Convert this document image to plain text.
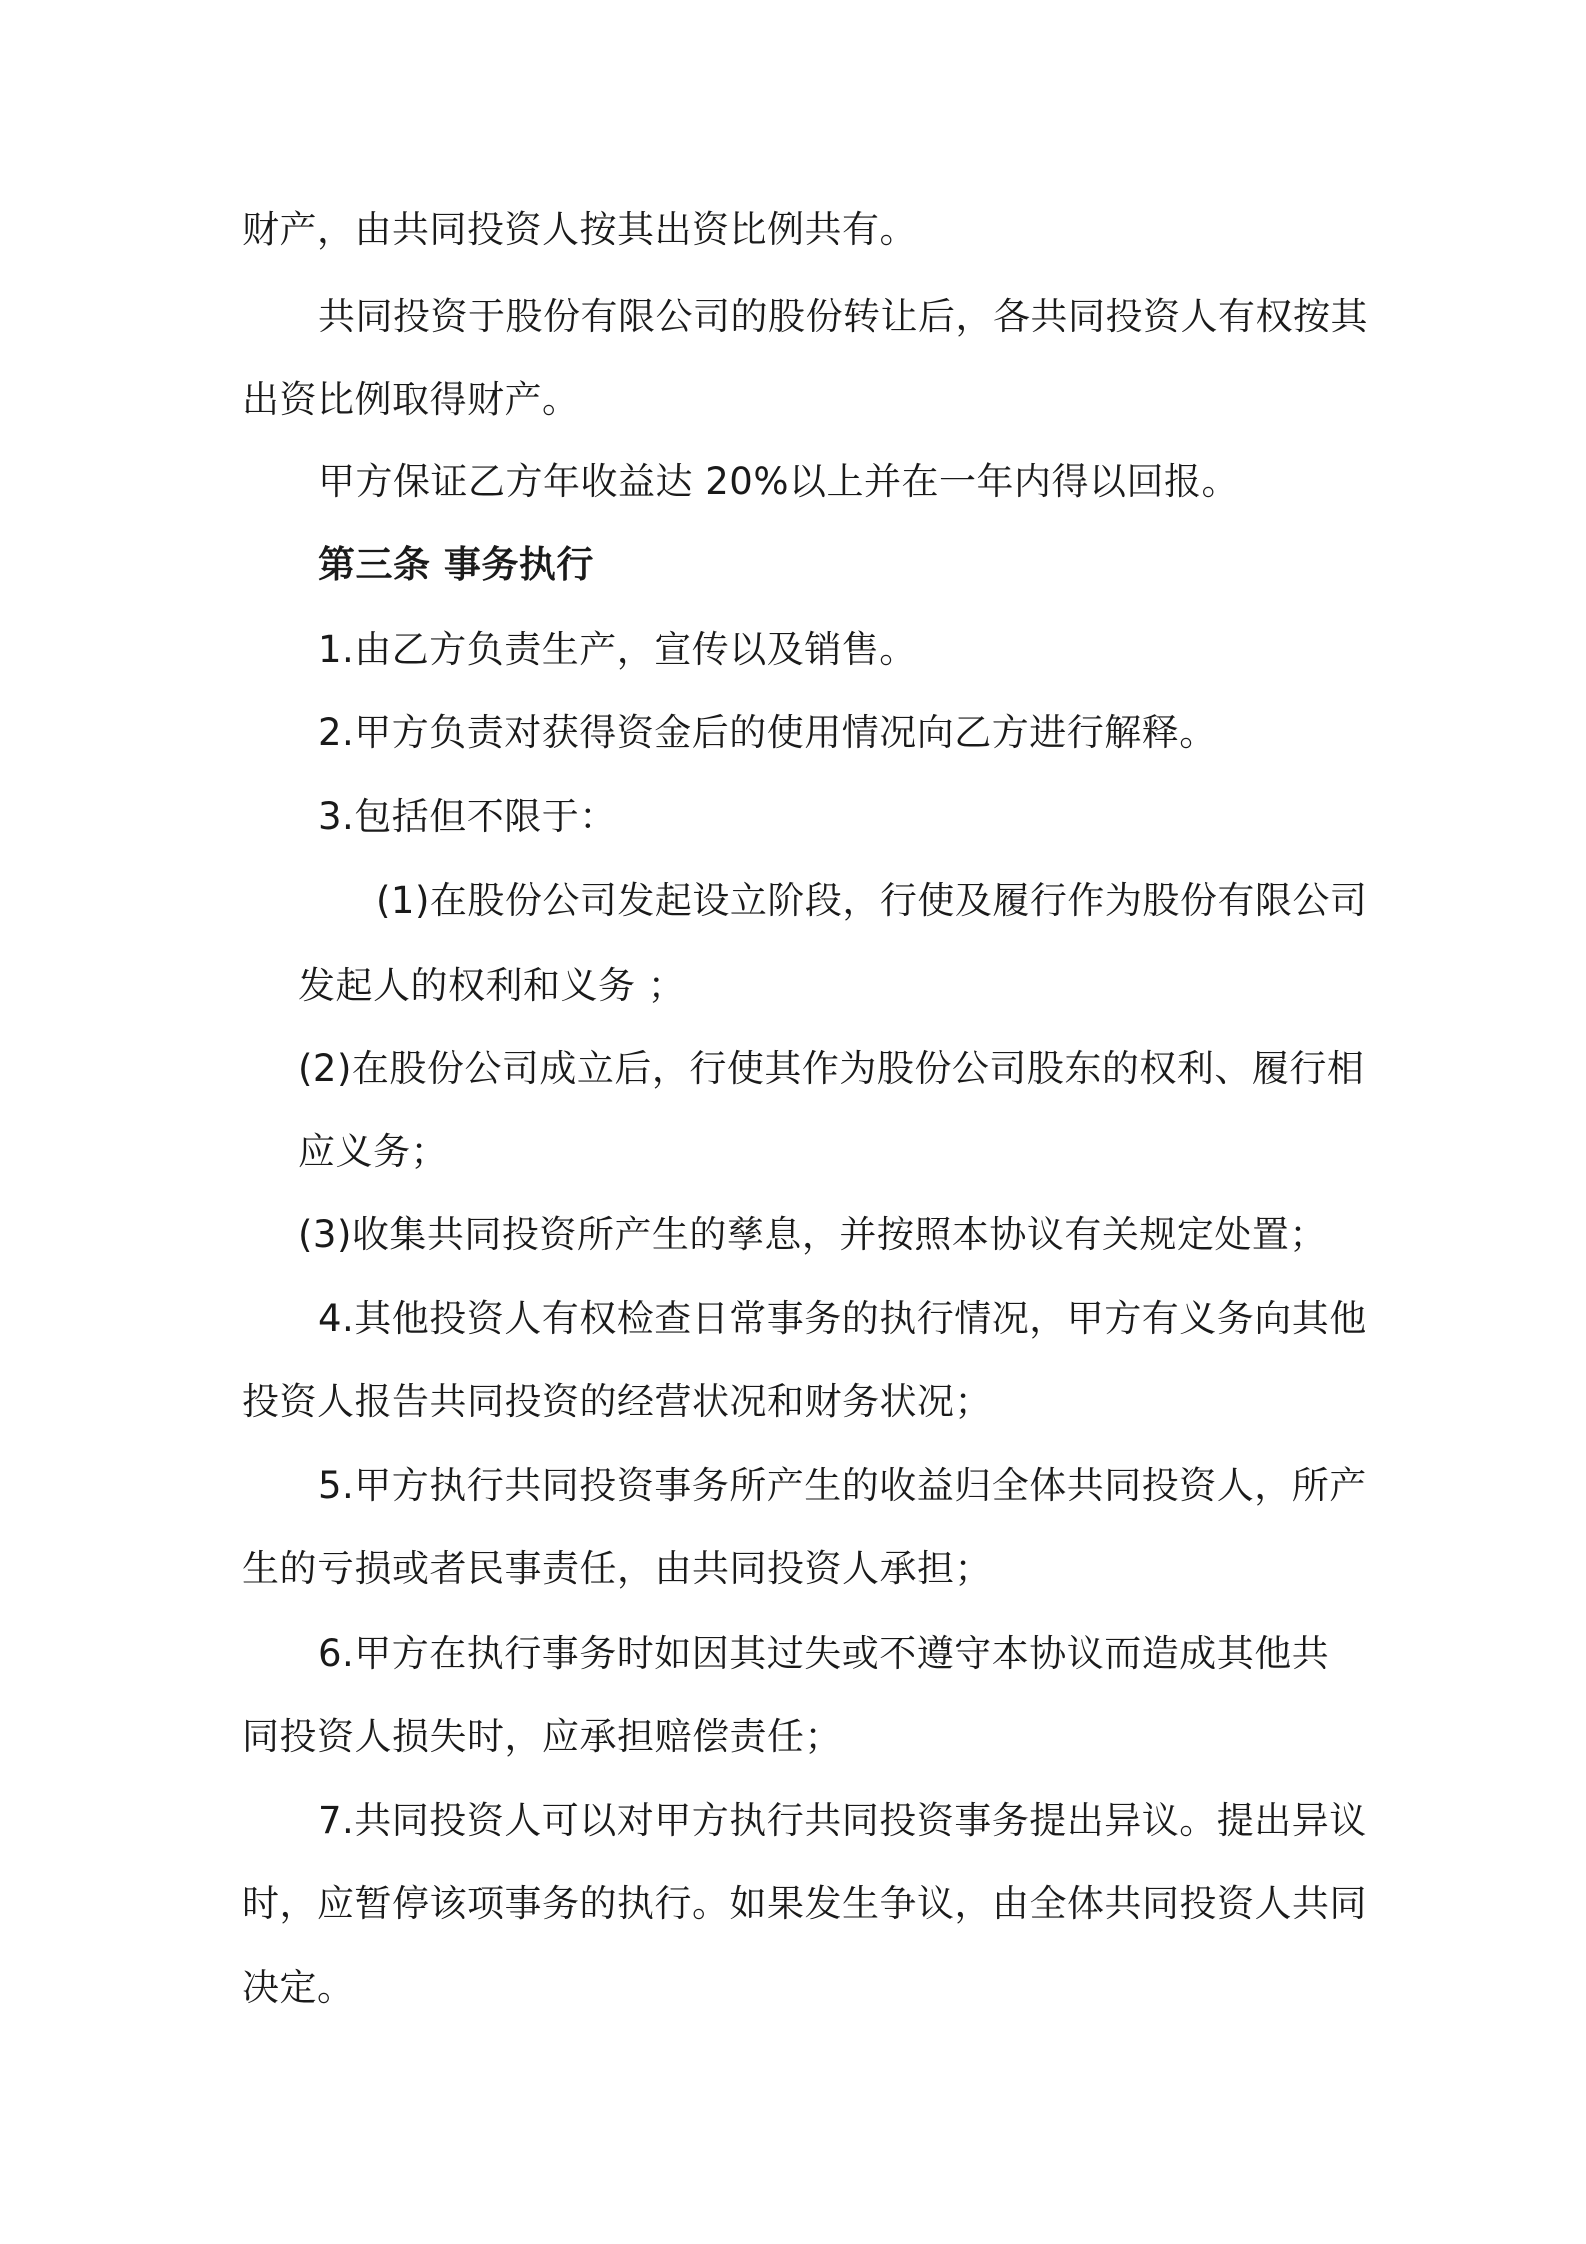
财产，由共同投资人按其出资比例共有。
共同投资于股份有限公司的股份转让后，各共同投资人有权按其
出资比例取得财产。
甲方保证乙方年收益达 20%以上并在一年内得以回报。
第三条 事务执行
1.由乙方负责生产，宣传以及销售。
2.甲方负责对获得资金后的使用情况向乙方进行解释。
3.包括但不限于：
(1)在股份公司发起设立阶段，行使及履行作为股份有限公司
发起人的权利和义务 ；
(2)在股份公司成立后，行使其作为股份公司股东的权利、履行相
应义务；
(3)收集共同投资所产生的孳息，并按照本协议有关规定处置；
4.其他投资人有权检查日常事务的执行情况，甲方有义务向其他
投资人报告共同投资的经营状况和财务状况；
5.甲方执行共同投资事务所产生的收益归全体共同投资人，所产
生的亏损或者民事责任，由共同投资人承担；
6.甲方在执行事务时如因其过失或不遵守本协议而造成其他共
同投资人损失时，应承担赔偿责任；
7.共同投资人可以对甲方执行共同投资事务提出异议。提出异议
时，应暂停该项事务的执行。如果发生争议，由全体共同投资人共同
决定。
